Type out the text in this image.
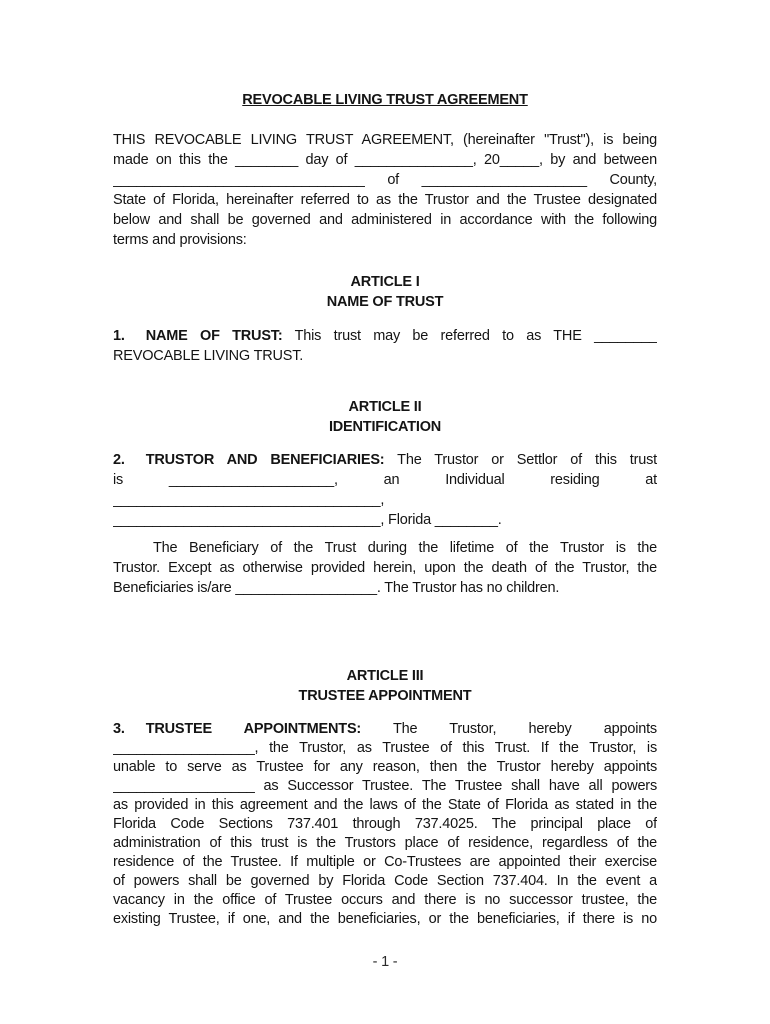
REVOCABLE LIVING TRUST AGREEMENT
THIS REVOCABLE LIVING TRUST AGREEMENT, (hereinafter "Trust"), is being
made on this the ________ day of _______________, 20_____, by and between
________________________________ of _____________________ County,
State of Florida, hereinafter referred to as the Trustor and the Trustee designated
below and shall be governed and administered in accordance with the following
terms and provisions:
ARTICLE I
NAME OF TRUST
1. NAME OF TRUST: This trust may be referred to as THE ________
REVOCABLE LIVING TRUST.
ARTICLE II
IDENTIFICATION
2. TRUSTOR AND BENEFICIARIES: The Trustor or Settlor of this trust
is _____________________, an Individual residing at
__________________________________,
__________________________________, Florida ________.
The Beneficiary of the Trust during the lifetime of the Trustor is the
Trustor. Except as otherwise provided herein, upon the death of the Trustor, the
Beneficiaries is/are __________________. The Trustor has no children.
ARTICLE III
TRUSTEE APPOINTMENT
3. TRUSTEE APPOINTMENTS: The Trustor, hereby appoints
__________________, the Trustor, as Trustee of this Trust. If the Trustor, is
unable to serve as Trustee for any reason, then the Trustor hereby appoints
__________________ as Successor Trustee. The Trustee shall have all powers
as provided in this agreement and the laws of the State of Florida as stated in the
Florida Code Sections 737.401 through 737.4025. The principal place of
administration of this trust is the Trustors place of residence, regardless of the
residence of the Trustee. If multiple or Co-Trustees are appointed their exercise
of powers shall be governed by Florida Code Section 737.404. In the event a
vacancy in the office of Trustee occurs and there is no successor trustee, the
existing Trustee, if one, and the beneficiaries, or the beneficiaries, if there is no
- 1 -
